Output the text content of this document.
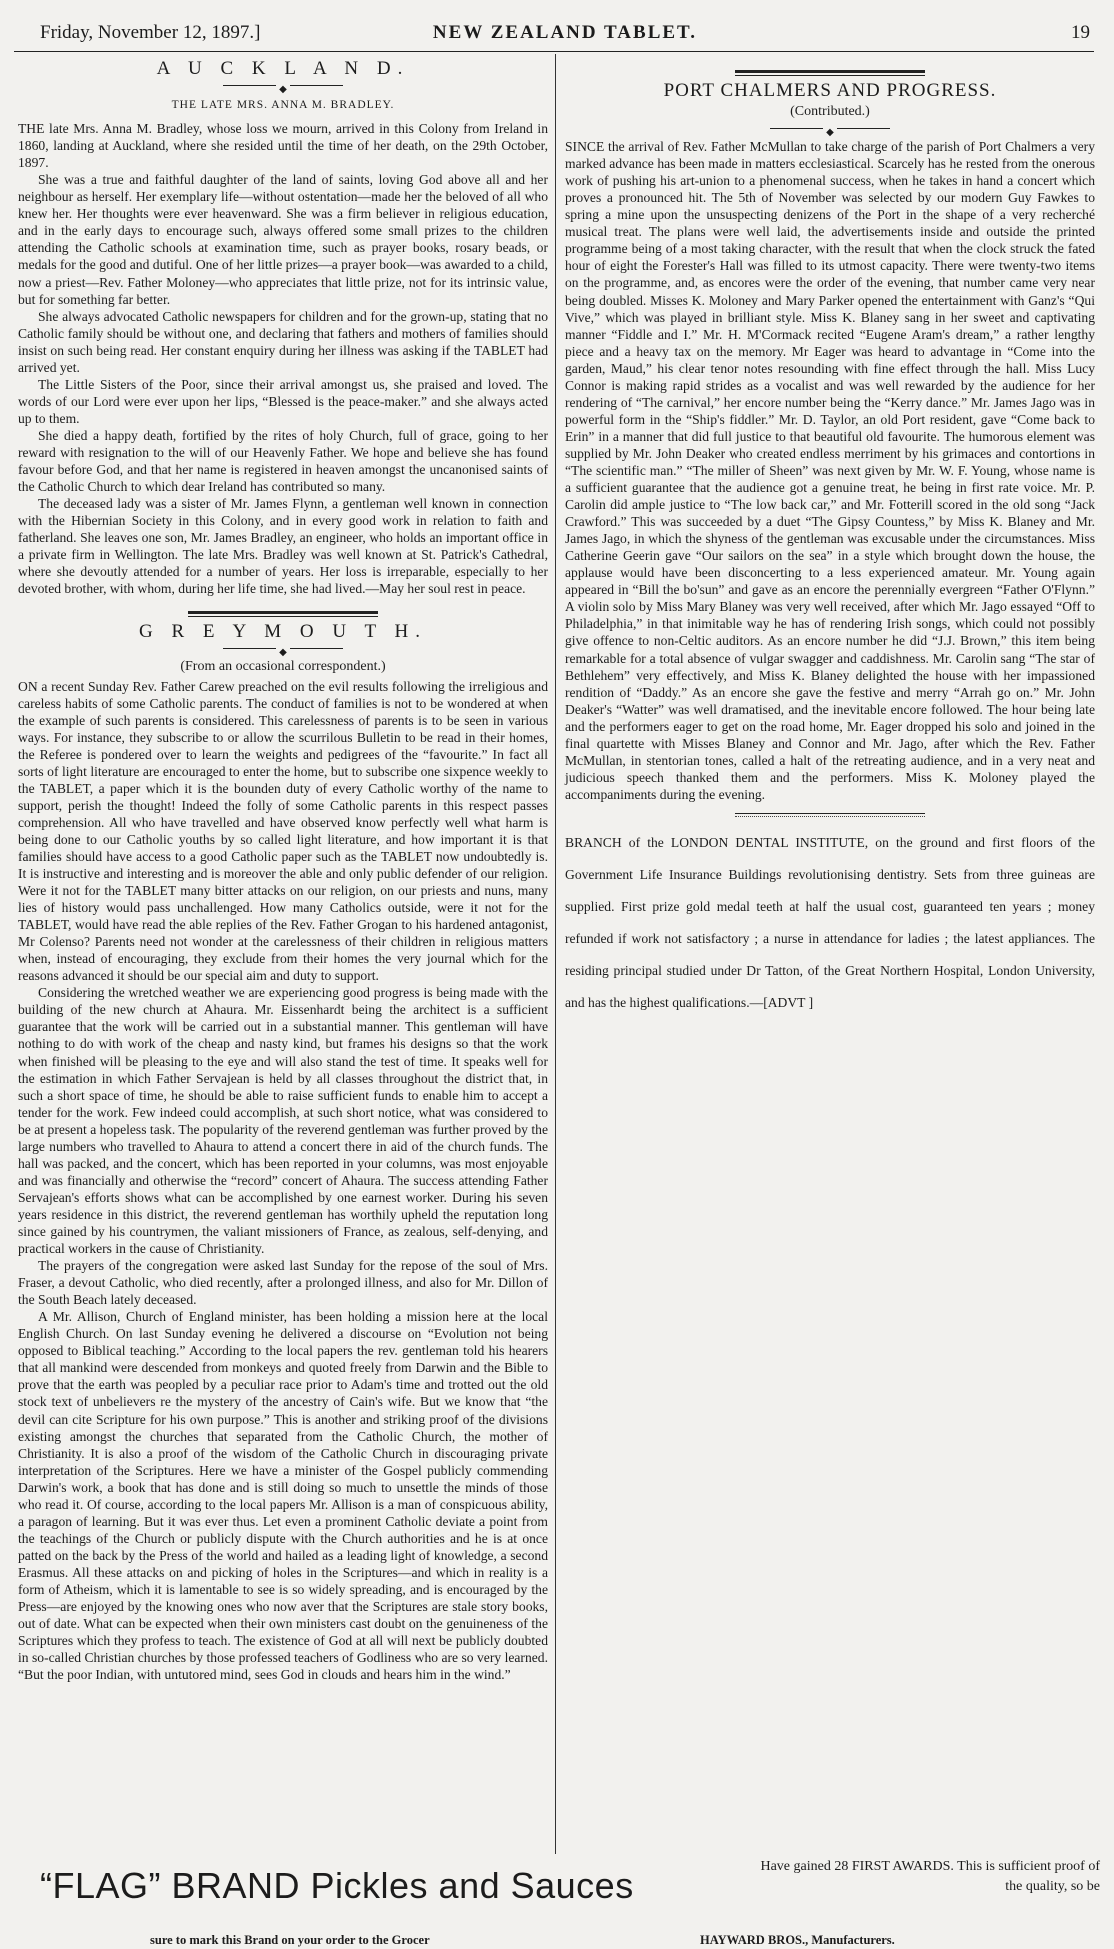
Friday, November 12, 1897.]	NEW ZEALAND TABLET.	19
A U C K L A N D.
◆
THE LATE MRS. ANNA M. BRADLEY.

THE late Mrs. Anna M. Bradley, whose loss we mourn, arrived in this Colony from Ireland in 1860, landing at Auckland, where she resided until the time of her death, on the 29th October, 1897.

She was a true and faithful daughter of the land of saints, loving God above all and her neighbour as herself. Her exemplary life—without ostentation—made her the beloved of all who knew her. Her thoughts were ever heavenward. She was a firm believer in religious education, and in the early days to encourage such, always offered some small prizes to the children attending the Catholic schools at examination time, such as prayer books, rosary beads, or medals for the good and dutiful. One of her little prizes—a prayer book—was awarded to a child, now a priest—Rev. Father Moloney—who appreciates that little prize, not for its intrinsic value, but for something far better.

She always advocated Catholic newspapers for children and for the grown-up, stating that no Catholic family should be without one, and declaring that fathers and mothers of families should insist on such being read. Her constant enquiry during her illness was asking if the TABLET had arrived yet.

The Little Sisters of the Poor, since their arrival amongst us, she praised and loved. The words of our Lord were ever upon her lips, “Blessed is the peace-maker.” and she always acted up to them.

She died a happy death, fortified by the rites of holy Church, full of grace, going to her reward with resignation to the will of our Heavenly Father. We hope and believe she has found favour before God, and that her name is registered in heaven amongst the uncanonised saints of the Catholic Church to which dear Ireland has contributed so many.

The deceased lady was a sister of Mr. James Flynn, a gentleman well known in connection with the Hibernian Society in this Colony, and in every good work in relation to faith and fatherland. She leaves one son, Mr. James Bradley, an engineer, who holds an important office in a private firm in Wellington. The late Mrs. Bradley was well known at St. Patrick's Cathedral, where she devoutly attended for a number of years. Her loss is irreparable, especially to her devoted brother, with whom, during her life time, she had lived.—May her soul rest in peace.

G R E Y M O U T H.
◆
(From an occasional correspondent.)

ON a recent Sunday Rev. Father Carew preached on the evil results following the irreligious and careless habits of some Catholic parents. The conduct of families is not to be wondered at when the example of such parents is considered. This carelessness of parents is to be seen in various ways. For instance, they subscribe to or allow the scurrilous Bulletin to be read in their homes, the Referee is pondered over to learn the weights and pedigrees of the “favourite.” In fact all sorts of light literature are encouraged to enter the home, but to subscribe one sixpence weekly to the TABLET, a paper which it is the bounden duty of every Catholic worthy of the name to support, perish the thought! Indeed the folly of some Catholic parents in this respect passes comprehension. All who have travelled and have observed know perfectly well what harm is being done to our Catholic youths by so called light literature, and how important it is that families should have access to a good Catholic paper such as the TABLET now undoubtedly is. It is instructive and interesting and is moreover the able and only public defender of our religion. Were it not for the TABLET many bitter attacks on our religion, on our priests and nuns, many lies of history would pass unchallenged. How many Catholics outside, were it not for the TABLET, would have read the able replies of the Rev. Father Grogan to his hardened antagonist, Mr Colenso? Parents need not wonder at the carelessness of their children in religious matters when, instead of encouraging, they exclude from their homes the very journal which for the reasons advanced it should be our special aim and duty to support.

Considering the wretched weather we are experiencing good progress is being made with the building of the new church at Ahaura. Mr. Eissenhardt being the architect is a sufficient guarantee that the work will be carried out in a substantial manner. This gentleman will have nothing to do with work of the cheap and nasty kind, but frames his designs so that the work when finished will be pleasing to the eye and will also stand the test of time. It speaks well for the estimation in which Father Servajean is held by all classes throughout the district that, in such a short space of time, he should be able to raise sufficient funds to enable him to accept a tender for the work. Few indeed could accomplish, at such short notice, what was considered to be at present a hopeless task. The popularity of the reverend gentleman was further proved by the large numbers who travelled to Ahaura to attend a concert there in aid of the church funds. The hall was packed, and the concert, which has been reported in your columns, was most enjoyable and was financially and otherwise the “record” concert of Ahaura. The success attending Father Servajean's efforts shows what can be accomplished by one earnest worker. During his seven years residence in this district, the reverend gentleman has worthily upheld the reputation long since gained by his countrymen, the valiant missioners of France, as zealous, self-denying, and practical workers in the cause of Christianity.

The prayers of the congregation were asked last Sunday for the repose of the soul of Mrs. Fraser, a devout Catholic, who died recently, after a prolonged illness, and also for Mr. Dillon of the South Beach lately deceased.

A Mr. Allison, Church of England minister, has been holding a mission here at the local English Church. On last Sunday evening he delivered a discourse on “Evolution not being opposed to Biblical teaching.” According to the local papers the rev. gentleman told his hearers that all mankind were descended from monkeys and quoted freely from Darwin and the Bible to prove that the earth was peopled by a peculiar race prior to Adam's time and trotted out the old stock text of unbelievers re the mystery of the ancestry of Cain's wife. But we know that “the devil can cite Scripture for his own purpose.” This is another and striking proof of the divisions existing amongst the churches that separated from the Catholic Church, the mother of Christianity. It is also a proof of the wisdom of the Catholic Church in discouraging private interpretation of the Scriptures. Here we have a minister of the Gospel publicly commending Darwin's work, a book that has done and is still doing so much to unsettle the minds of those who read it. Of course, according to the local papers Mr. Allison is a man of conspicuous ability, a paragon of learning. But it was ever thus. Let even a prominent Catholic deviate a point from the teachings of the Church or publicly dispute with the Church authorities and he is at once patted on the back by the Press of the world and hailed as a leading light of knowledge, a second Erasmus. All these attacks on and picking of holes in the Scriptures—and which in reality is a form of Atheism, which it is lamentable to see is so widely spreading, and is encouraged by the Press—are enjoyed by the knowing ones who now aver that the Scriptures are stale story books, out of date. What can be expected when their own ministers cast doubt on the genuineness of the Scriptures which they profess to teach. The existence of God at all will next be publicly doubted in so-called Christian churches by those professed teachers of Godliness who are so very learned. “But the poor Indian, with untutored mind, sees God in clouds and hears him in the wind.”

PORT CHALMERS AND PROGRESS.
(Contributed.)
◆

SINCE the arrival of Rev. Father McMullan to take charge of the parish of Port Chalmers a very marked advance has been made in matters ecclesiastical. Scarcely has he rested from the onerous work of pushing his art-union to a phenomenal success, when he takes in hand a concert which proves a pronounced hit. The 5th of November was selected by our modern Guy Fawkes to spring a mine upon the unsuspecting denizens of the Port in the shape of a very recherché musical treat. The plans were well laid, the advertisements inside and outside the printed programme being of a most taking character, with the result that when the clock struck the fated hour of eight the Forester's Hall was filled to its utmost capacity. There were twenty-two items on the programme, and, as encores were the order of the evening, that number came very near being doubled. Misses K. Moloney and Mary Parker opened the entertainment with Ganz's “Qui Vive,” which was played in brilliant style. Miss K. Blaney sang in her sweet and captivating manner “Fiddle and I.” Mr. H. M'Cormack recited “Eugene Aram's dream,” a rather lengthy piece and a heavy tax on the memory. Mr Eager was heard to advantage in “Come into the garden, Maud,” his clear tenor notes resounding with fine effect through the hall. Miss Lucy Connor is making rapid strides as a vocalist and was well rewarded by the audience for her rendering of “The carnival,” her encore number being the “Kerry dance.” Mr. James Jago was in powerful form in the “Ship's fiddler.” Mr. D. Taylor, an old Port resident, gave “Come back to Erin” in a manner that did full justice to that beautiful old favourite. The humorous element was supplied by Mr. John Deaker who created endless merriment by his grimaces and contortions in “The scientific man.” “The miller of Sheen” was next given by Mr. W. F. Young, whose name is a sufficient guarantee that the audience got a genuine treat, he being in first rate voice. Mr. P. Carolin did ample justice to “The low back car,” and Mr. Fotterill scored in the old song “Jack Crawford.” This was succeeded by a duet “The Gipsy Countess,” by Miss K. Blaney and Mr. James Jago, in which the shyness of the gentleman was excusable under the circumstances. Miss Catherine Geerin gave “Our sailors on the sea” in a style which brought down the house, the applause would have been disconcerting to a less experienced amateur. Mr. Young again appeared in “Bill the bo'sun” and gave as an encore the perennially evergreen “Father O'Flynn.” A violin solo by Miss Mary Blaney was very well received, after which Mr. Jago essayed “Off to Philadelphia,” in that inimitable way he has of rendering Irish songs, which could not possibly give offence to non-Celtic auditors. As an encore number he did “J.J. Brown,” this item being remarkable for a total absence of vulgar swagger and caddishness. Mr. Carolin sang “The star of Bethlehem” very effectively, and Miss K. Blaney delighted the house with her impassioned rendition of “Daddy.” As an encore she gave the festive and merry “Arrah go on.” Mr. John Deaker's “Watter” was well dramatised, and the inevitable encore followed. The hour being late and the performers eager to get on the road home, Mr. Eager dropped his solo and joined in the final quartette with Misses Blaney and Connor and Mr. Jago, after which the Rev. Father McMullan, in stentorian tones, called a halt of the retreating audience, and in a very neat and judicious speech thanked them and the performers. Miss K. Moloney played the accompaniments during the evening.

BRANCH of the LONDON DENTAL INSTITUTE, on the ground and first floors of the Government Life Insurance Buildings revolutionising dentistry. Sets from three guineas are supplied. First prize gold medal teeth at half the usual cost, guaranteed ten years ; money refunded if work not satisfactory ; a nurse in attendance for ladies ; the latest appliances. The residing principal studied under Dr Tatton, of the Great Northern Hospital, London University, and has the highest qualifications.—[ADVT ]
“FLAG” BRAND Pickles and Sauces	Have gained 28 FIRST AWARDS. This is sufficient proof of the quality, so be
sure to mark this Brand on your order to the Grocer	HAYWARD BROS., Manufacturers.
